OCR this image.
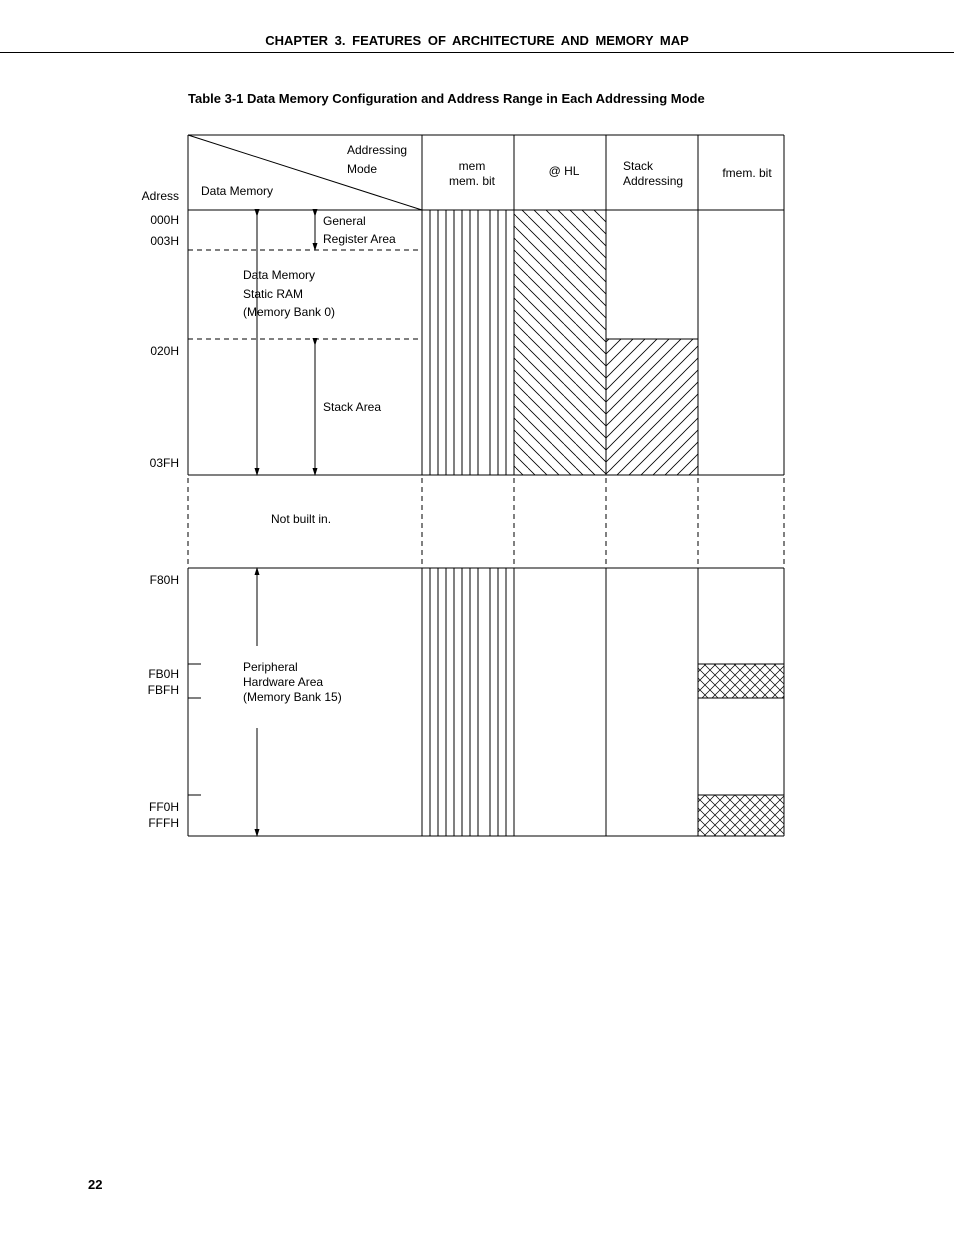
CHAPTER 3. FEATURES OF ARCHITECTURE AND MEMORY MAP
Table 3-1 Data Memory Configuration and Address Range in Each Addressing Mode
Addressing
Mode
Data Memory
Adress
mem
mem. bit
@ HL	Stack
Addressing
fmem. bit
000H
003H
020H
03FH
F80H
FB0H
FBFH
FF0H
FFFH
General
Register Area
Data Memory
Static RAM
(Memory Bank 0)
Stack Area
Not built in.
Peripheral
Hardware Area
(Memory Bank 15)
22
